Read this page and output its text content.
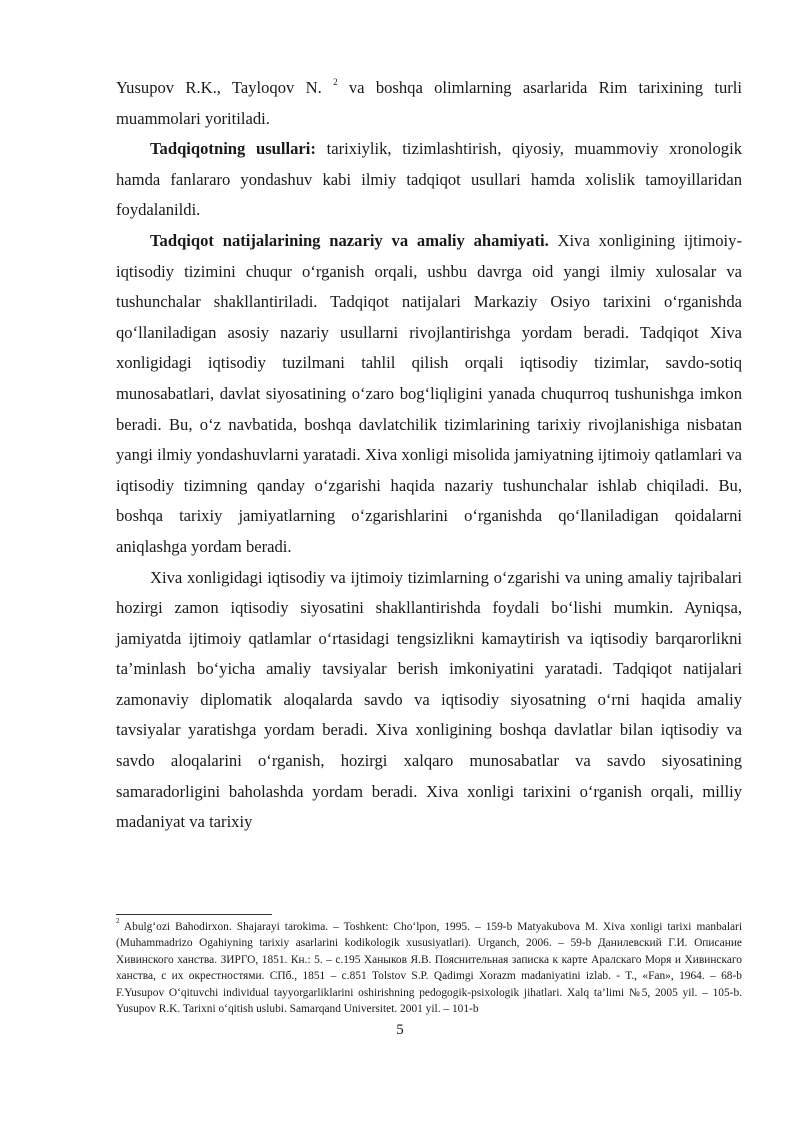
Yusupov R.K., Tayloqov N. $^2$ va boshqa olimlarning asarlarida Rim tarixining turli muammolari yoritiladi.

Tadqiqotning usullari: tarixiylik, tizimlashtirish, qiyosiy, muammoviy xronologik hamda fanlararo yondashuv kabi ilmiy tadqiqot usullari hamda xolislik tamoyillaridan foydalanildi.

Tadqiqot natijalarining nazariy va amaliy ahamiyati. Xiva xonligining ijtimoiy-iqtisodiy tizimini chuqur o‘rganish orqali, ushbu davrga oid yangi ilmiy xulosalar va tushunchalar shakllantiriladi. Tadqiqot natijalari Markaziy Osiyo tarixini o‘rganishda qo‘llaniladigan asosiy nazariy usullarni rivojlantirishga yordam beradi. Tadqiqot Xiva xonligidagi iqtisodiy tuzilmani tahlil qilish orqali iqtisodiy tizimlar, savdo-sotiq munosabatlari, davlat siyosatining o‘zaro bog‘liqligini yanada chuqurroq tushunishga imkon beradi. Bu, o‘z navbatida, boshqa davlatchilik tizimlarining tarixiy rivojlanishiga nisbatan yangi ilmiy yondashuvlarni yaratadi. Xiva xonligi misolida jamiyatning ijtimoiy qatlamlari va iqtisodiy tizimning qanday o‘zgarishi haqida nazariy tushunchalar ishlab chiqiladi. Bu, boshqa tarixiy jamiyatlarning o‘zgarishlarini o‘rganishda qo‘llaniladigan qoidalarni aniqlashga yordam beradi.

Xiva xonligidagi iqtisodiy va ijtimoiy tizimlarning o‘zgarishi va uning amaliy tajribalari hozirgi zamon iqtisodiy siyosatini shakllantirishda foydali bo‘lishi mumkin. Ayniqsa, jamiyatda ijtimoiy qatlamlar o‘rtasidagi tengsizlikni kamaytirish va iqtisodiy barqarorlikni ta’minlash bo‘yicha amaliy tavsiyalar berish imkoniyatini yaratadi. Tadqiqot natijalari zamonaviy diplomatik aloqalarda savdo va iqtisodiy siyosatning o‘rni haqida amaliy tavsiyalar yaratishga yordam beradi. Xiva xonligining boshqa davlatlar bilan iqtisodiy va savdo aloqalarini o‘rganish, hozirgi xalqaro munosabatlar va savdo siyosatining samaradorligini baholashda yordam beradi. Xiva xonligi tarixini o‘rganish orqali, milliy madaniyat va tarixiy

$^2$ Abulg‘ozi Bahodirxon. Shajarayi tarokima. – Toshkent: Cho‘lpon, 1995. – 159-b Matyakubova M. Xiva xonligi tarixi manbalari (Muhammadrizo Ogahiyning tarixiy asarlarini kodikologik xususiyatlari). Urganch, 2006. – 59-b Данилевский Г.И. Описание Хивинского ханства. ЗИРГО, 1851. Кн.: 5. – с.195 Ханыков Я.В. Пояснительная записка к карте Аралскаго Моря и Хивинскаго ханства, с их окрестностями. СПб., 1851 – с.851 Tolstov S.P. Qadimgi Xorazm madaniyatini izlab. - T., «Fan», 1964. – 68-b F.Yusupov O‘qituvchi individual tayyorgarliklarini oshirishning pedogogik-psixologik jihatlari. Xalq ta’limi №5, 2005 yil. – 105-b. Yusupov R.K. Tarixni o‘qitish uslubi. Samarqand Universitet. 2001 yil. – 101-b

5
